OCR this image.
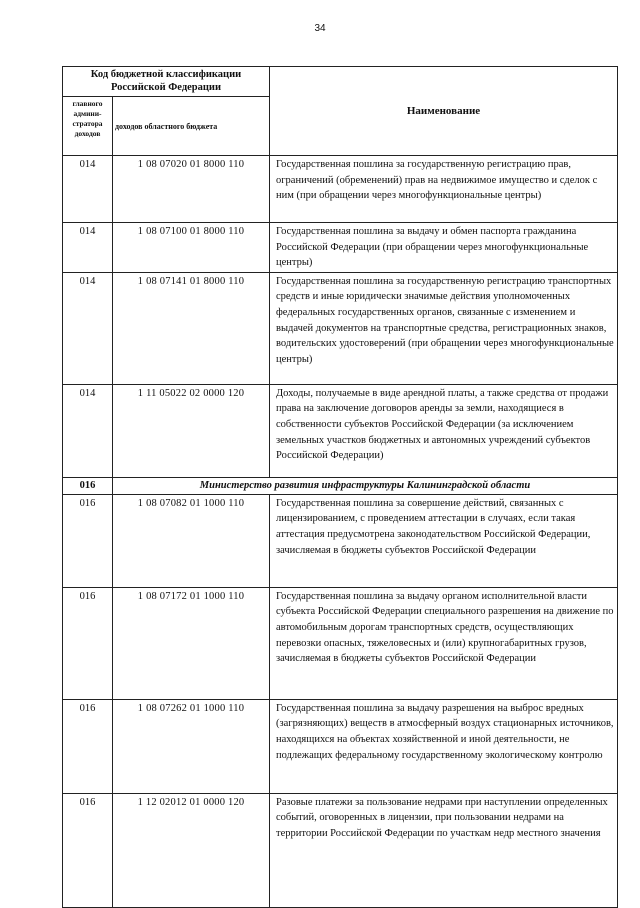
34
Код бюджетной классификации Российской Федерации		Наименование
главного админи-стратора доходов	доходов областного бюджета	
014	1 08 07020 01 8000 110	Государственная пошлина за государственную регистрацию прав, ограничений (обременений) прав на недвижимое имущество и сделок с ним (при обращении через многофункциональные центры)
014	1 08 07100 01 8000 110	Государственная пошлина за выдачу и обмен паспорта гражданина Российской Федерации (при обращении через многофункциональные центры)
014	1 08 07141 01 8000 110	Государственная пошлина за государственную регистрацию транспортных средств и иные юридически значимые действия уполномоченных федеральных государственных органов, связанные с изменением и выдачей документов на транспортные средства, регистрационных знаков, водительских удостоверений (при обращении через многофункциональные центры)
014	1 11 05022 02 0000 120	Доходы, получаемые в виде арендной платы, а также средства от продажи права на заключение договоров аренды за земли, находящиеся в собственности субъектов Российской Федерации (за исключением земельных участков бюджетных и автономных учреждений субъектов Российской Федерации)
016	Министерство развития инфраструктуры Калининградской области	
016	1 08 07082 01 1000 110	Государственная пошлина за совершение действий, связанных с лицензированием, с проведением аттестации в случаях, если такая аттестация предусмотрена законодательством Российской Федерации, зачисляемая в бюджеты субъектов Российской Федерации
016	1 08 07172 01 1000 110	Государственная пошлина за выдачу органом исполнительной власти субъекта Российской Федерации специального разрешения на движение по автомобильным дорогам транспортных средств, осуществляющих перевозки опасных, тяжеловесных и (или) крупногабаритных грузов, зачисляемая в бюджеты субъектов Российской Федерации
016	1 08 07262 01 1000 110	Государственная пошлина за выдачу разрешения на выброс вредных (загрязняющих) веществ в атмосферный воздух стационарных источников, находящихся на объектах хозяйственной и иной деятельности, не подлежащих федеральному государственному экологическому контролю
016	1 12 02012 01 0000 120	Разовые платежи за пользование недрами при наступлении определенных событий, оговоренных в лицензии, при пользовании недрами на территории Российской Федерации по участкам недр местного значения
